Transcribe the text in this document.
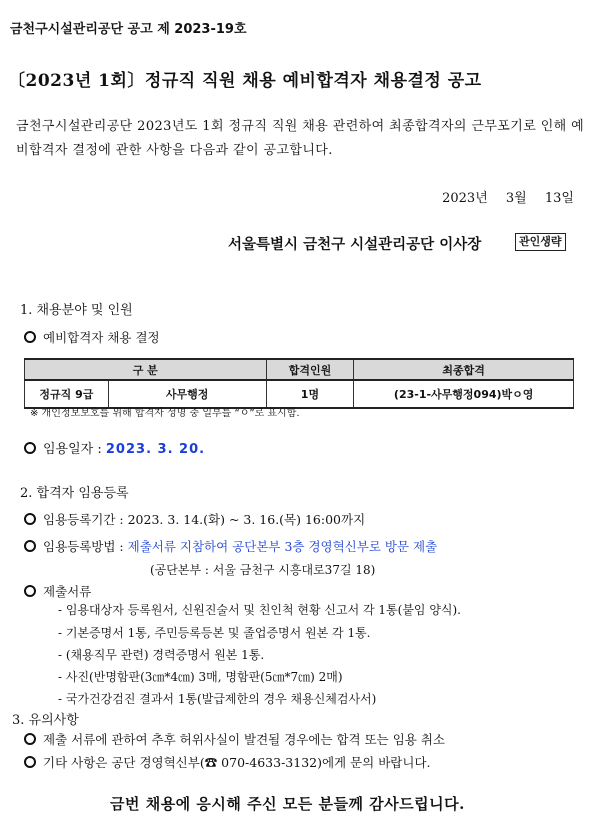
금천구시설관리공단 공고 제 2023-19호
〔2023년 1회〕정규직 직원 채용 예비합격자 채용결정 공고
금천구시설관리공단 2023년도 1회 정규직 직원 채용 관련하여 최종합격자의 근무포기로 인해 예비합격자 결정에 관한 사항을 다음과 같이 공고합니다.
2023년 3월 13일
서울특별시 금천구 시설관리공단 이사장	관인생략
1. 채용분야 및 인원
예비합격자 채용 결정
구 분		합격인원	최종합격
정규직 9급	사무행정	1명	(23-1-사무행정094)박ㅇ영
※ 개인정보보호를 위해 합격자 성명 중 일부를 “ㅇ”로 표시함.
임용일자 : 2023. 3. 20.
2. 합격자 임용등록
임용등록기간 : 2023. 3. 14.(화) ~ 3. 16.(목) 16:00까지
임용등록방법 : 제출서류 지참하여 공단본부 3층 경영혁신부로 방문 제출
(공단본부 : 서울 금천구 시흥대로37길 18)
제출서류
- 임용대상자 등록원서, 신원진술서 및 친인척 현황 신고서 각 1통(붙임 양식).
- 기본증명서 1통, 주민등록등본 및 졸업증명서 원본 각 1통.
- (채용직무 관련) 경력증명서 원본 1통.
- 사진(반명함판(3㎝*4㎝) 3매, 명함판(5㎝*7㎝) 2매)
- 국가건강검진 결과서 1통(발급제한의 경우 채용신체검사서)
3. 유의사항
제출 서류에 관하여 추후 허위사실이 발견될 경우에는 합격 또는 임용 취소
기타 사항은 공단 경영혁신부(☎ 070-4633-3132)에게 문의 바랍니다.
금번 채용에 응시해 주신 모든 분들께 감사드립니다.
